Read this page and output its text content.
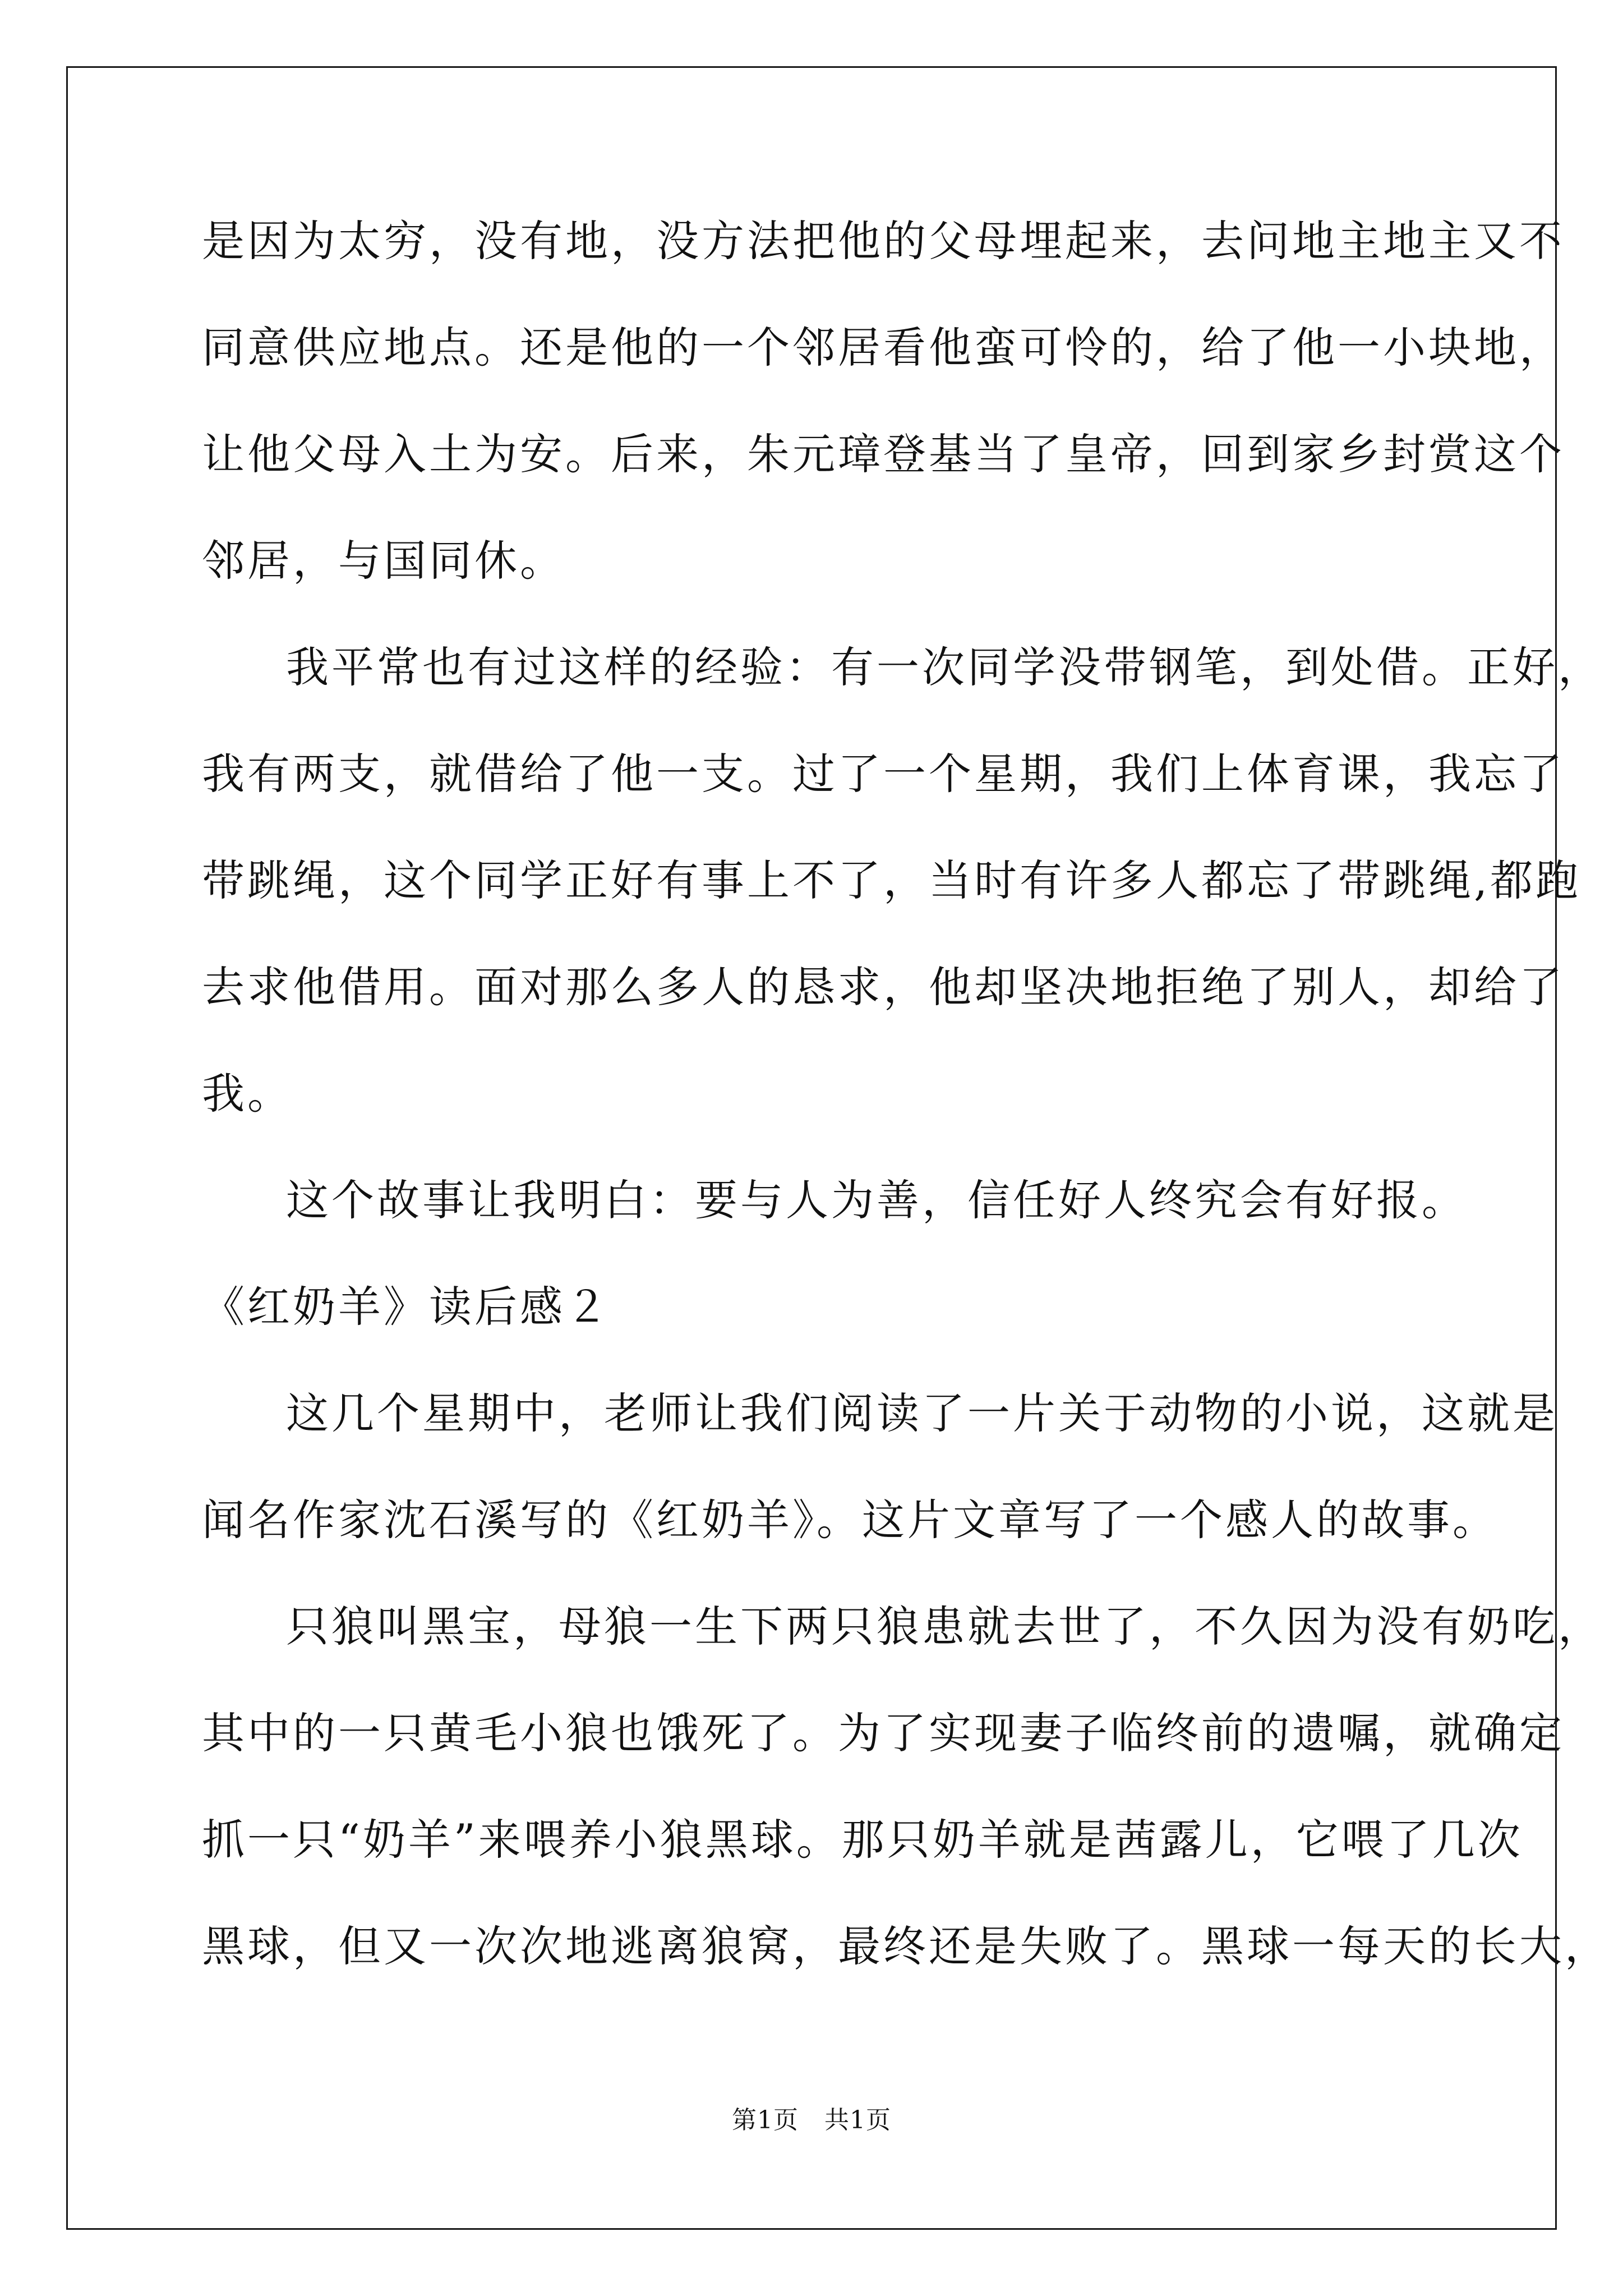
是因为太穷，没有地，没方法把他的父母埋起来，去问地主地主又不
同意供应地点。还是他的一个邻居看他蛮可怜的，给了他一小块地，
让他父母入土为安。后来，朱元璋登基当了皇帝，回到家乡封赏这个
邻居，与国同休。
我平常也有过这样的经验：有一次同学没带钢笔，到处借。正好，
我有两支，就借给了他一支。过了一个星期，我们上体育课，我忘了
带跳绳，这个同学正好有事上不了，当时有许多人都忘了带跳绳,都跑
去求他借用。面对那么多人的恳求，他却坚决地拒绝了别人，却给了
我。
这个故事让我明白：要与人为善，信任好人终究会有好报。
《红奶羊》读后感２
这几个星期中，老师让我们阅读了一片关于动物的小说，这就是
闻名作家沈石溪写的《红奶羊》。这片文章写了一个感人的故事。
只狼叫黑宝，母狼一生下两只狼患就去世了，不久因为没有奶吃，
其中的一只黄毛小狼也饿死了。为了实现妻子临终前的遗嘱，就确定
抓一只“奶羊”来喂养小狼黑球。那只奶羊就是茜露儿，它喂了几次
黑球，但又一次次地逃离狼窝，最终还是失败了。黑球一每天的长大，
第1页 共1页
